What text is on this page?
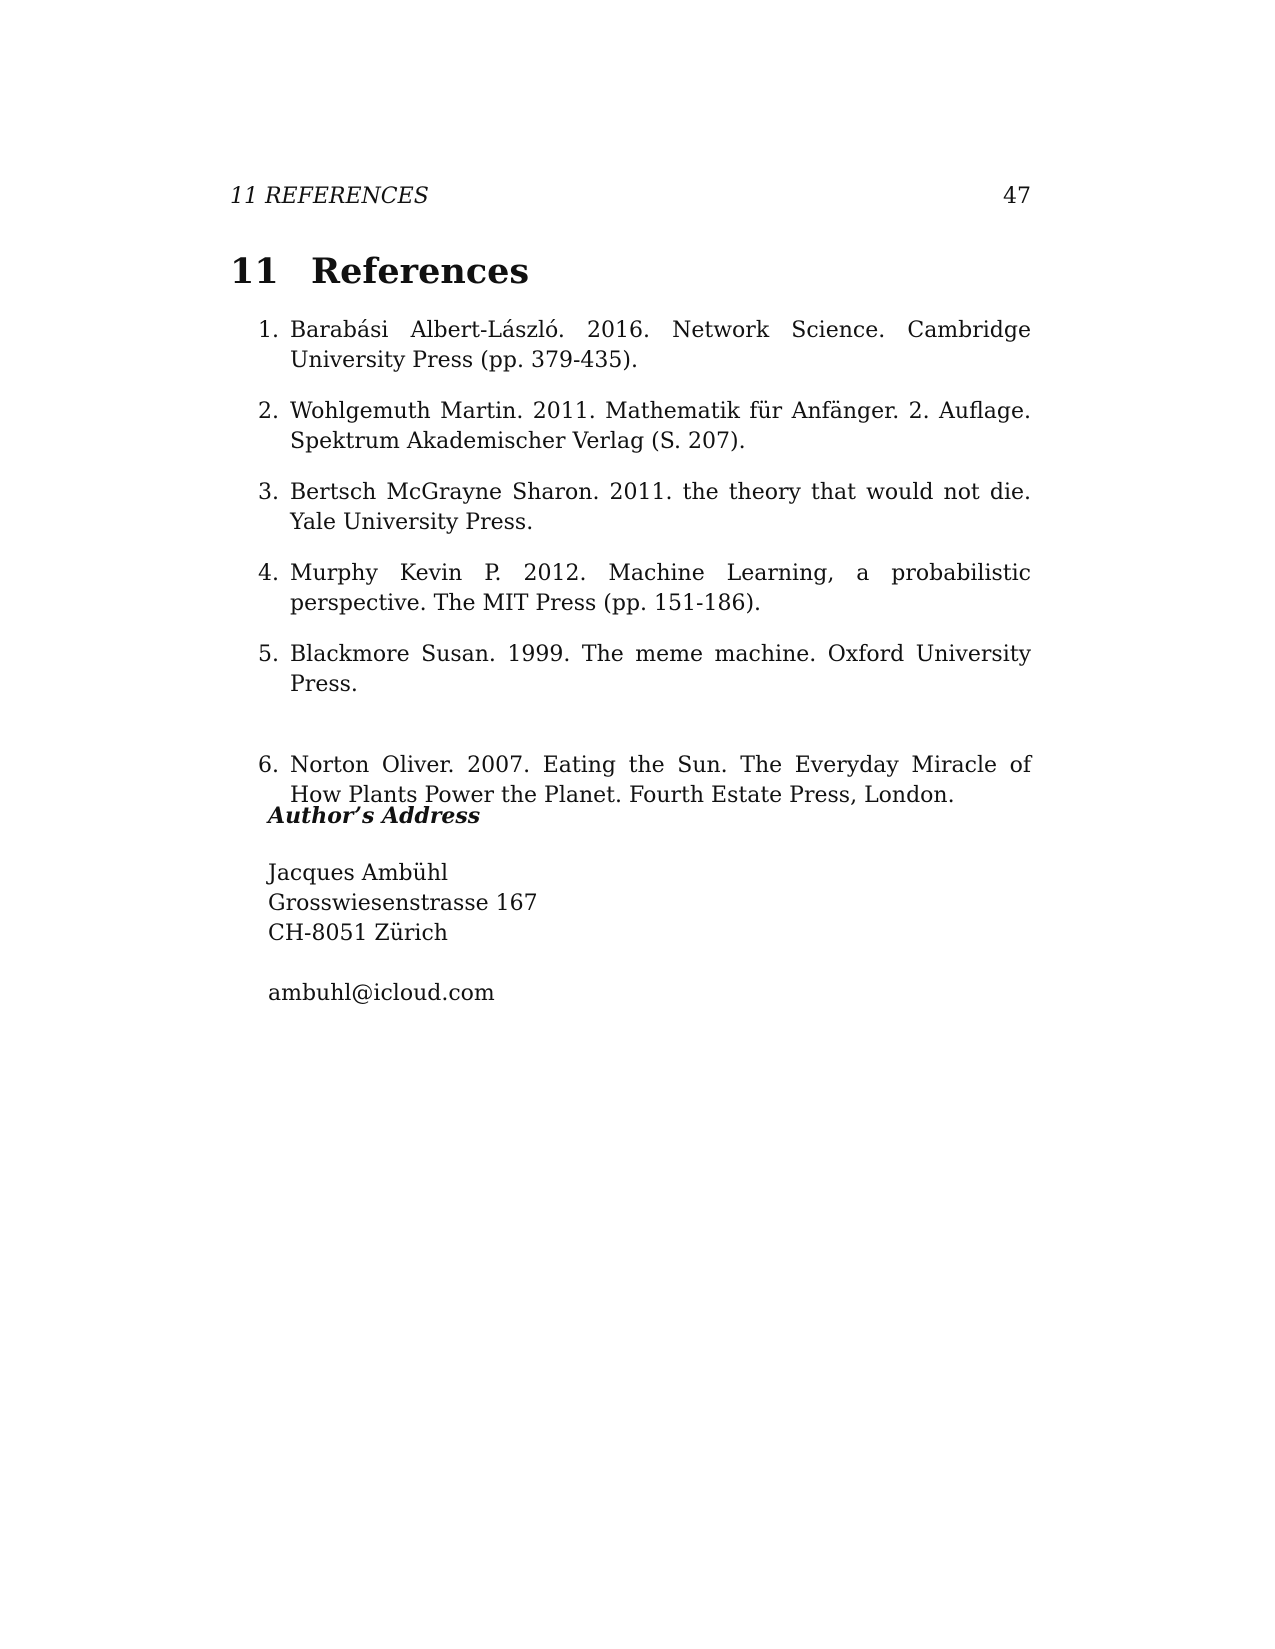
11 REFERENCES	47
11 References
1. Barabási Albert-László. 2016. Network Science. Cambridge University Press (pp. 379-435).
2. Wohlgemuth Martin. 2011. Mathematik für Anfänger. 2. Auflage. Spektrum Akademischer Verlag (S. 207).
3. Bertsch McGrayne Sharon. 2011. the theory that would not die. Yale University Press.
4. Murphy Kevin P. 2012. Machine Learning, a probabilistic perspective. The MIT Press (pp. 151-186).
5. Blackmore Susan. 1999. The meme machine. Oxford University Press.
6. Norton Oliver. 2007. Eating the Sun. The Everyday Miracle of How Plants Power the Planet. Fourth Estate Press, London.
Author’s Address
Jacques Ambühl
Grosswiesenstrasse 167
CH-8051 Zürich
ambuhl@icloud.com
